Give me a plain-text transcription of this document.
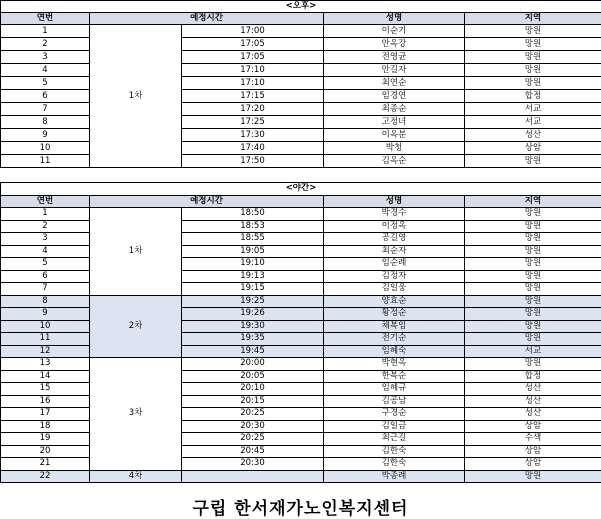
<오후>				
연번	예정시간		성명	지역
1	1차	17:00	이순기	망원
2		17:05	안옥강	망원
3		17:05	전영균	망원
4		17:10	안길자	망원
5		17:10	최연순	망원
6		17:15	임경연	합정
7		17:20	최종순	서교
8		17:25	고정녀	서교
9		17:30	이옥분	성산
10		17:40	박청	상암
11		17:50	김옥순	망원
<야간>				
연번	예정시간		성명	지역
1	1차	18:50	박경수	망원
2		18:53	이정옥	망원
3		18:55	공길영	망원
4		19:05	최순자	망원
5		19:10	임순례	망원
6		19:13	김정자	망원
7		19:15	김일웅	망원
8	2차	19:25	양효순	망원
9		19:26	황정순	망원
10		19:30	채복임	망원
11		19:35	전기순	망원
12		19:45	임혜숙	서교
13	3차	20:00	박현옥	망원
14		20:05	한복순	합정
15		20:10	임혜규	성산
16		20:15	김공남	성산
17		20:25	구경순	성산
18		20:30	김일금	상암
19		20:25	최근길	수색
20		20:45	김한숙	상암
21		20:30	김한숙	상암
22	4차		박종례	망원
구립 한서재가노인복지센터
